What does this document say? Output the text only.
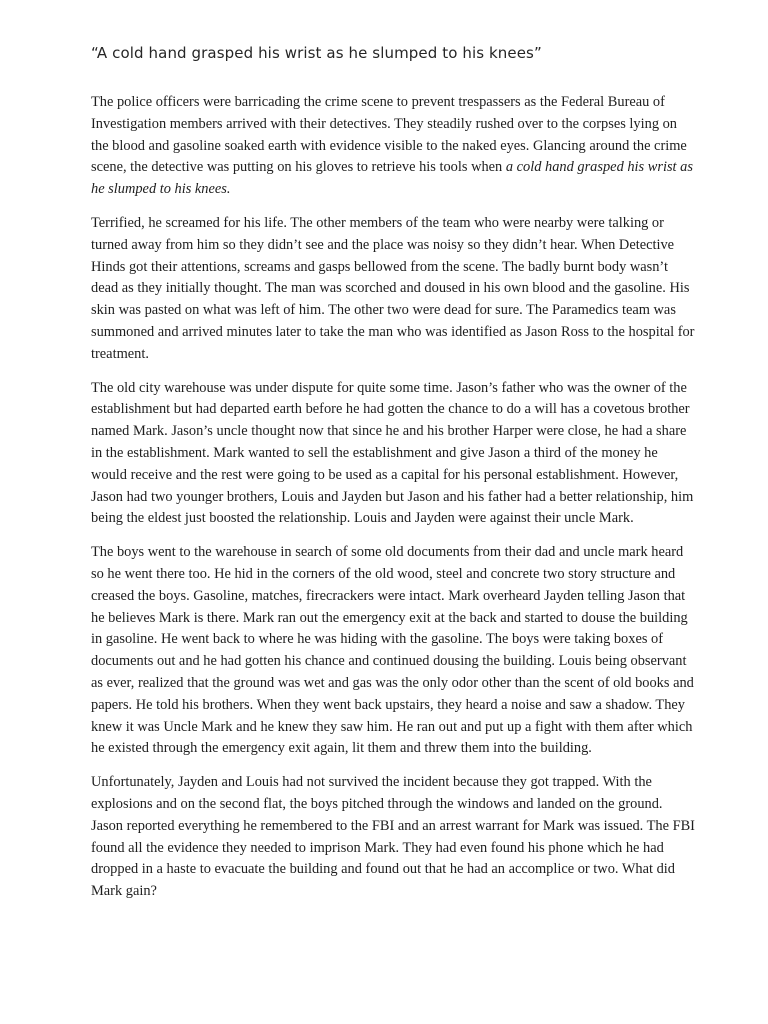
“A cold hand grasped his wrist as he slumped to his knees”

The police officers were barricading the crime scene to prevent trespassers as the Federal Bureau of Investigation members arrived with their detectives. They steadily rushed over to the corpses lying on the blood and gasoline soaked earth with evidence visible to the naked eyes. Glancing around the crime scene, the detective was putting on his gloves to retrieve his tools when a cold hand grasped his wrist as he slumped to his knees.

Terrified, he screamed for his life. The other members of the team who were nearby were talking or turned away from him so they didn’t see and the place was noisy so they didn’t hear. When Detective Hinds got their attentions, screams and gasps bellowed from the scene. The badly burnt body wasn’t dead as they initially thought. The man was scorched and doused in his own blood and the gasoline. His skin was pasted on what was left of him. The other two were dead for sure. The Paramedics team was summoned and arrived minutes later to take the man who was identified as Jason Ross to the hospital for treatment.

The old city warehouse was under dispute for quite some time. Jason’s father who was the owner of the establishment but had departed earth before he had gotten the chance to do a will has a covetous brother named Mark. Jason’s uncle thought now that since he and his brother Harper were close, he had a share in the establishment. Mark wanted to sell the establishment and give Jason a third of the money he would receive and the rest were going to be used as a capital for his personal establishment. However, Jason had two younger brothers, Louis and Jayden but Jason and his father had a better relationship, him being the eldest just boosted the relationship. Louis and Jayden were against their uncle Mark.

The boys went to the warehouse in search of some old documents from their dad and uncle mark heard so he went there too. He hid in the corners of the old wood, steel and concrete two story structure and creased the boys. Gasoline, matches, firecrackers were intact. Mark overheard Jayden telling Jason that he believes Mark is there. Mark ran out the emergency exit at the back and started to douse the building in gasoline. He went back to where he was hiding with the gasoline. The boys were taking boxes of documents out and he had gotten his chance and continued dousing the building. Louis being observant as ever, realized that the ground was wet and gas was the only odor other than the scent of old books and papers. He told his brothers. When they went back upstairs, they heard a noise and saw a shadow. They knew it was Uncle Mark and he knew they saw him. He ran out and put up a fight with them after which he existed through the emergency exit again, lit them and threw them into the building.

Unfortunately, Jayden and Louis had not survived the incident because they got trapped. With the explosions and on the second flat, the boys pitched through the windows and landed on the ground. Jason reported everything he remembered to the FBI and an arrest warrant for Mark was issued. The FBI found all the evidence they needed to imprison Mark. They had even found his phone which he had dropped in a haste to evacuate the building and found out that he had an accomplice or two. What did Mark gain?
